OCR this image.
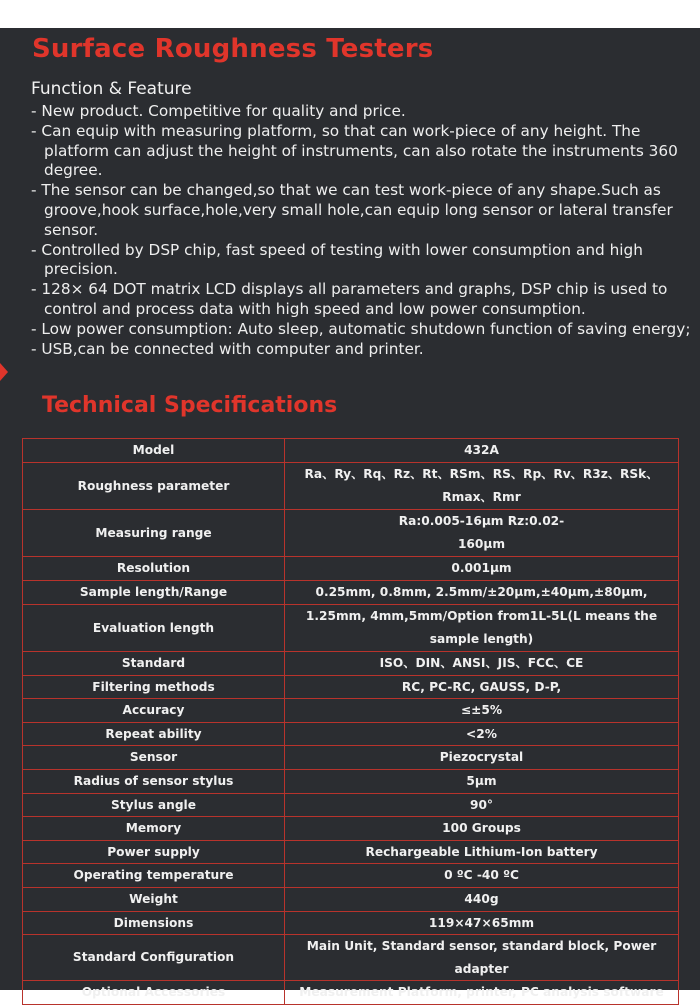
Surface Roughness Testers
Function & Feature
- New product. Competitive for quality and price.
- Can equip with measuring platform, so that can work-piece of any height. The platform can adjust the height of instruments, can also rotate the instruments 360 degree.
- The sensor can be changed,so that we can test work-piece of any shape.Such as groove,hook surface,hole,very small hole,can equip long sensor or lateral transfer sensor.
- Controlled by DSP chip, fast speed of testing with lower consumption and high precision.
- 128× 64 DOT matrix LCD displays all parameters and graphs, DSP chip is used to control and process data with high speed and low power consumption.
- Low power consumption: Auto sleep, automatic shutdown function of saving energy;
- USB,can be connected with computer and printer.
Technical Specifications
Model	432A
Roughness parameter	Ra、Ry、Rq、Rz、Rt、RSm、RS、Rp、Rv、R3z、RSk、Rmax、Rmr
Measuring range	Ra:0.005-16μm Rz:0.02-160μm
Resolution	0.001μm
Sample length/Range	0.25mm, 0.8mm, 2.5mm/±20μm,±40μm,±80μm,
Evaluation length	1.25mm, 4mm,5mm/Option from1L-5L(L means the sample length)
Standard	ISO、DIN、ANSI、JIS、FCC、CE
Filtering methods	RC, PC-RC, GAUSS, D-P,
Accuracy	≤±5%
Repeat ability	<2%
Sensor	Piezocrystal
Radius of sensor stylus	5μm
Stylus angle	90°
Memory	100 Groups
Power supply	Rechargeable Lithium-Ion battery
Operating temperature	0 ºC -40 ºC
Weight	440g
Dimensions	119×47×65mm
Standard Configuration	Main Unit, Standard sensor, standard block, Power adapter
Optional Accessories	Measurement Platform, printer, PC analysis software
